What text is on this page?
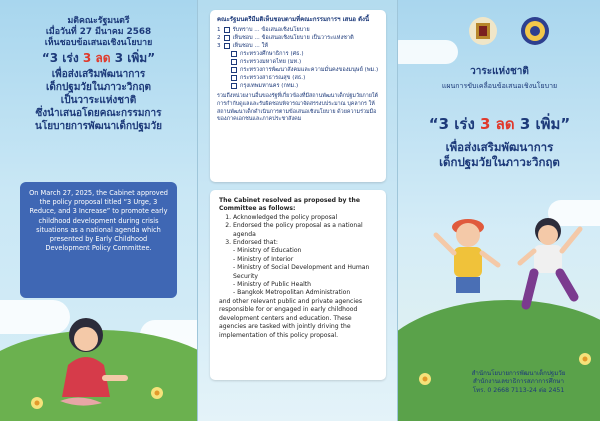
มติคณะรัฐมนตรี
เมื่อวันที่ 27 มีนาคม 2568
เห็นชอบข้อเสนอเชิงนโยบาย
“3 เร่ง 3 ลด 3 เพิ่ม”
เพื่อส่งเสริมพัฒนาการ
เด็กปฐมวัยในภาวะวิกฤต
เป็นวาระแห่งชาติ
ซึ่งนำเสนอโดยคณะกรรมการ
นโยบายการพัฒนาเด็กปฐมวัย
On March 27, 2025, the Cabinet approved the policy proposal titled “3 Urge, 3 Reduce, and 3 Increase” to promote early childhood development during crisis situations as a national agenda which presented by Early Childhood Development Policy Committee.
คณะรัฐมนตรีมีมติเห็นชอบตามที่คณะกรรมการฯ เสนอ ดังนี้
1 รับทราบ ... ข้อเสนอเชิงนโยบาย
2 เห็นชอบ ... ข้อเสนอเชิงนโยบาย เป็นวาระแห่งชาติ
3 เห็นชอบ ... ให้
กระทรวงศึกษาธิการ (ศธ.)
กระทรวงมหาดไทย (มท.)
กระทรวงการพัฒนาสังคมและความมั่นคงของมนุษย์ (พม.)
กระทรวงสาธารณสุข (สธ.)
กรุงเทพมหานคร (กทม.)
รวมถึงหน่วยงานอื่นของรัฐที่เกี่ยวข้องที่มีสถานพัฒนาเด็กปฐมวัยภายใต้การกำกับดูแลและรับผิดชอบพิจารณาจัดสรรงบประมาณ บุคลากร ให้สถานพัฒนาเด็กดำเนินการตามข้อเสนอเชิงนโยบาย ด้วยความร่วมมือของภาคเอกชนและภาคประชาสังคม
The Cabinet resolved as proposed by the Committee as follows:
1. Acknowledged the policy proposal
2. Endorsed the policy proposal as a national agenda
3. Endorsed that:
- Ministry of Education
- Ministry of Interior
- Ministry of Social Development and Human Security
- Ministry of Public Health
- Bangkok Metropolitan Administration
and other relevant public and private agencies responsible for or engaged in early childhood development centers and education. These agencies are tasked with jointly driving the implementation of this policy proposal.
วาระแห่งชาติ
แผนการขับเคลื่อนข้อเสนอเชิงนโยบาย
“3 เร่ง 3 ลด 3 เพิ่ม”
เพื่อส่งเสริมพัฒนาการ
เด็กปฐมวัยในภาวะวิกฤต
สำนักนโยบายการพัฒนาเด็กปฐมวัย
สำนักงานเลขาธิการสภาการศึกษา
โทร. 0 2668 7113-24 ต่อ 2451
